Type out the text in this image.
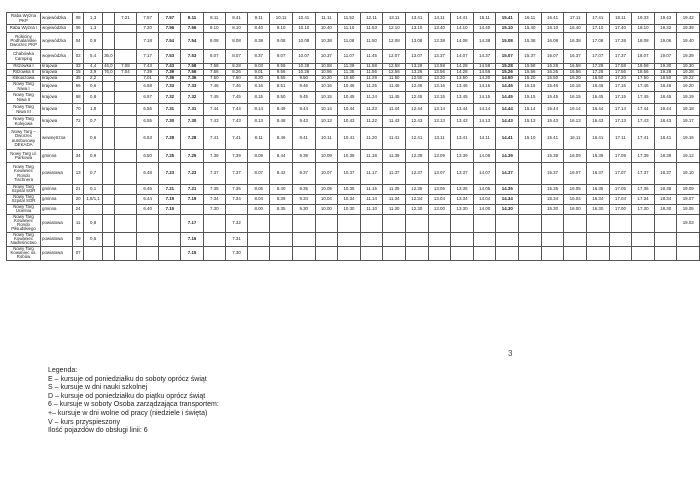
Raba Wyżna PKP	wojewódzka	08	1,3		7.21	7.57	7.57	8.11	8.11	8.41	9.11	10.11	10.41	11.11	11.52	12.11	13.11	13.41	14.11	14.41	15.11	15.41	16.11	16.41	17.11	17.41	18.11	19.33	19.43	19.42
Raba Wyżna I	wojewódzka	06	1,3			7.20	7.56	7.56	8.10	8.10	8.40	9.10	10.10	10.40	11.10	11.53	12.10	13.10	13.40	14.10	14.40	15.10	15.40	16.10	16.40	17.10	17.40	18.10	19.32	19.39
Rokiciny Podhalańskie Dworzec PKP	wojewódzka	04	0,9			7.18	7.54	7.54	8.08	8.08	8.38	9.08	10.08	10.38	11.08	11.50	12.08	13.08	13.38	14.08	14.38	15.08	15.38	16.08	16.38	17.08	17.38	18.08	19.06	19.40
Chabówka Camping	wojewódzka	02	5,4	36,0		7.17	7.53	7.53	8.07	8.07	8.37	9.07	10.07	10.37	11.07	11.45	12.07	13.07	13.37	14.07	14.37	15.07	15.37	16.07	16.37	17.07	17.37	18.07	19.07	19.39
Ritzowka I	krajowa	33	4,4	46,0	7.08	7.43	7.43	7.58	7.58	8.28	9.03	9.58	10.28	10.58	11.39	11.58	12.58	13.28	13.58	14.28	14.58	15.28	15.58	16.28	16.58	17.28	17.58	18.58	19.30	19.30
Ritzowka II	krajowa	15	3,9	76,0	7.04	7.39	7.39	7.56	7.56	8.26	9.01	9.56	10.26	10.56	11.35	11.56	12.56	13.26	13.56	14.26	14.56	15.26	15.56	16.26	16.56	17.26	17.56	18.56	19.28	19.28
Klikuszowa	krajowa	35	2,2			7.01	7.36	7.36	7.50	7.50	8.20	8.55	9.50	10.20	10.50	11.29	11.50	12.50	13.20	13.50	14.20	14.50	15.20	15.50	16.20	16.50	17.20	17.50	18.50	19.22
Nowy Targ Niwa I	krajowa	66	0,6			6.58	7.33	7.33	7.46	7.46	8.16	8.51	9.46	10.16	10.46	11.25	11.46	12.46	13.16	13.46	14.16	14.46	15.16	15.46	16.16	16.46	17.16	17.46	18.46	19.20
Nowy Targ Niwa II	krajowa	68	0,8			6.57	7.32	7.32	7.45	7.45	8.15	8.50	9.45	10.15	10.45	11.24	11.45	12.45	13.15	13.45	14.15	14.45	15.15	15.45	16.15	16.45	17.15	17.45	18.45	19.19
Nowy Targ Niwa III	krajowa	70	1,8			6.56	7.31	7.31	7.44	7.44	8.14	8.49	9.44	10.14	10.44	11.23	11.44	12.44	13.14	13.44	14.14	14.44	15.14	15.44	16.14	16.44	17.14	17.44	18.44	19.18
Nowy Targ Kolejowa	krajowa	72	0,7			6.55	7.30	7.30	7.43	7.43	8.13	8.48	9.43	10.13	10.43	11.22	11.43	12.43	13.13	13.43	14.13	14.43	15.13	15.43	16.13	16.43	17.13	17.43	18.43	19.17
Nowy Targ – Dworzec autobusowy DEKADA	wewnętrzna		0,6			6.53	7.28	7.28	7.41	7.41	8.11	8.46	9.41	10.11	10.41	11.20	11.41	12.41	13.11	13.41	14.11	14.41	15.10	15.41	16.11	16.41	17.11	17.41	18.41	19.16
Nowy Targ ul. Parkowa	gminna	34	0,9			6.50	7.25	7.25	7.39	7.39	8.09	8.44	9.39	10.09	10.39	11.18	11.39	12.39	13.09	13.39	14.09	14.39		15.39	16.09	16.39	17.09	17.39	18.39	19.12
Nowy Targ Kowaniec Rondo Tischnera	powiatowa	13	0,7			6.48	7.23	7.23	7.37	7.37	8.07	8.42	9.37	10.07	10.37	11.17	11.37	12.37	13.07	13.37	14.07	14.37		15.37	16.07	16.37	17.07	17.37	18.37	19.10
Nowy Targ Szpital SOR	gminna	21	0,1			6.46	7.21	7.21	7.35	7.35	8.05	8.40	9.35	10.05	10.35	11.15	11.35	12.35	13.05	13.35	14.05	14.35		15.35	16.05	16.35	17.05	17.35	18.35	19.09
Nowy Targ Szpital SOR	gminna	20	1,8/1,1			6.44	7.19	7.19	7.34	7.34	8.04	8.39	9.34	10.04	10.34	11.14	11.34	12.34	13.04	13.34	14.04	14.34		15.34	16.04	16.34	17.04	17.34	18.34	19.07
Nowy Targ Ucielnia	gminna	24				6.40	7.15		7.30		8.00	8.35	9.30	10.00	10.30	11.10	11.30	12.30	13.00	13.30	14.00	14.30		15.30	16.00	16.30	17.00	17.30	18.30	19.05
Nowy Targ Kowaniec Rondo Piłsudskiego	powiatowa	11	0,8					7.17		7.32																				19.03
Nowy Targ Kowaniec Nadleśnictwo	powiatowa	09	0,5					7.16		7.31																				
Nowy Targ Kowaniec os. Robów	powiatowa	07						7.15		7.30																				
3
Legenda:
E – kursuje od poniedziałku do soboty oprócz świąt
S – kursuje w dni nauki szkolnej
D – kursuje od poniedziałku do piątku oprócz świąt
6 – kursuje w soboty Osoba zarządzająca transportem:
+– kursuje w dni wolne od pracy (niedziele i święta)
V – kurs przyspieszony
Ilość pojazdów do obsługi linii: 6
